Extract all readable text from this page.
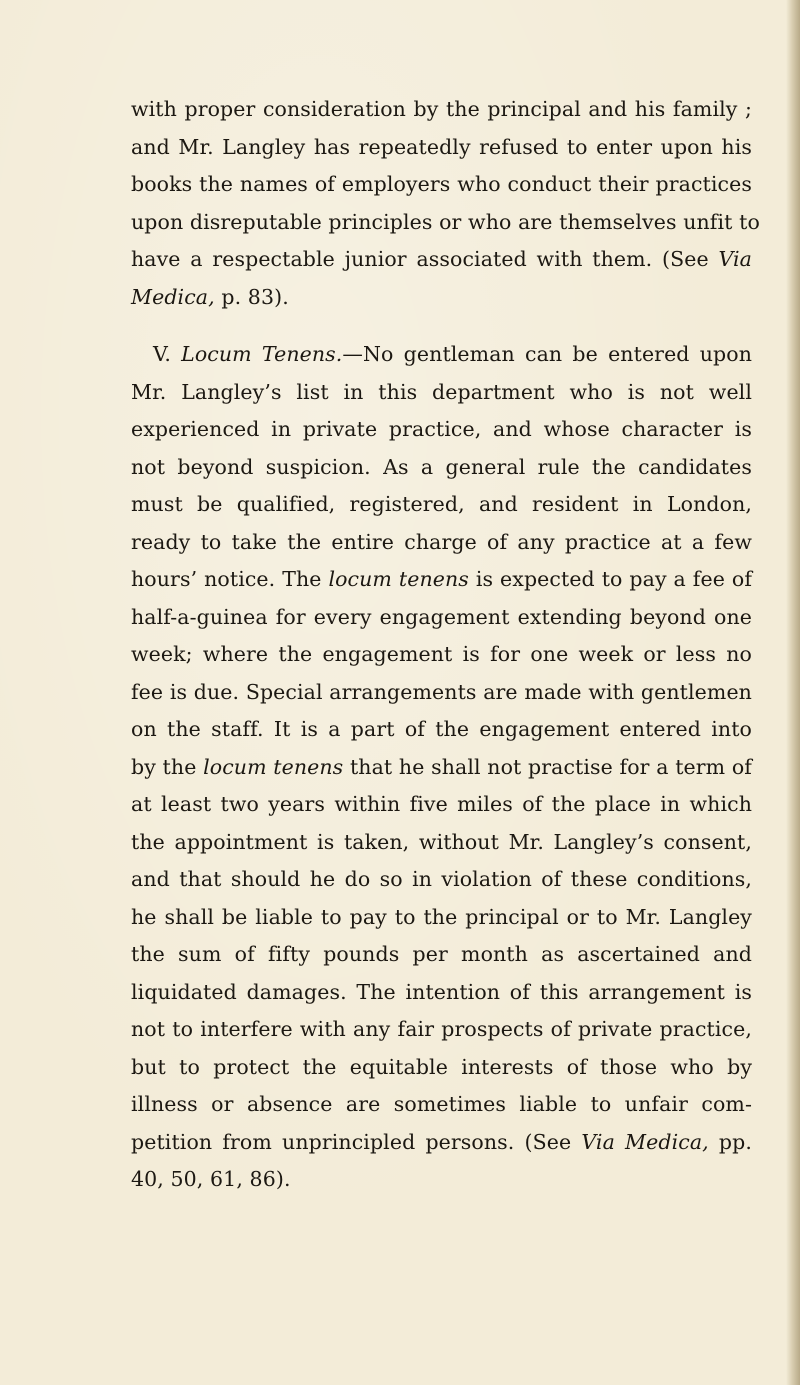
with proper consideration by the principal and his family ;
and Mr. Langley has repeatedly refused to enter upon his
books the names of employers who conduct their practices
upon disreputable principles or who are themselves unfit to
have a respectable junior associated with them. (See Via
Medica, p. 83).
V. Locum Tenens.—No gentleman can be entered upon
Mr. Langley’s list in this department who is not well
experienced in private practice, and whose character is
not beyond suspicion. As a general rule the candidates
must be qualified, registered, and resident in London,
ready to take the entire charge of any practice at a few
hours’ notice. The locum tenens is expected to pay a fee of
half-a-guinea for every engagement extending beyond one
week; where the engagement is for one week or less no
fee is due. Special arrangements are made with gentlemen
on the staff. It is a part of the engagement entered into
by the locum tenens that he shall not practise for a term of
at least two years within five miles of the place in which
the appointment is taken, without Mr. Langley’s consent,
and that should he do so in violation of these conditions,
he shall be liable to pay to the principal or to Mr. Langley
the sum of fifty pounds per month as ascertained and
liquidated damages. The intention of this arrangement is
not to interfere with any fair prospects of private practice,
but to protect the equitable interests of those who by
illness or absence are sometimes liable to unfair com-
petition from unprincipled persons. (See Via Medica, pp.
40, 50, 61, 86).
